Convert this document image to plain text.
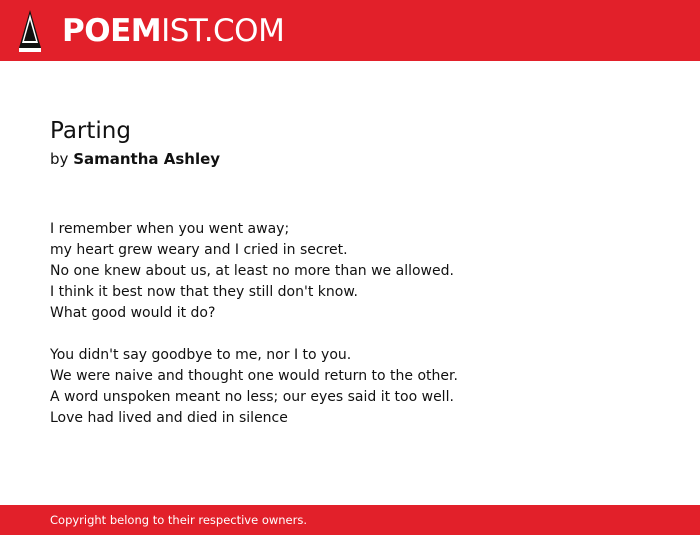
POEMIST.COM
Parting
by Samantha Ashley
I remember when you went away;
my heart grew weary and I cried in secret.
No one knew about us, at least no more than we allowed.
I think it best now that they still don't know.
What good would it do?
You didn't say goodbye to me, nor I to you.
We were naive and thought one would return to the other.
A word unspoken meant no less; our eyes said it too well.
Love had lived and died in silence
Copyright belong to their respective owners.
